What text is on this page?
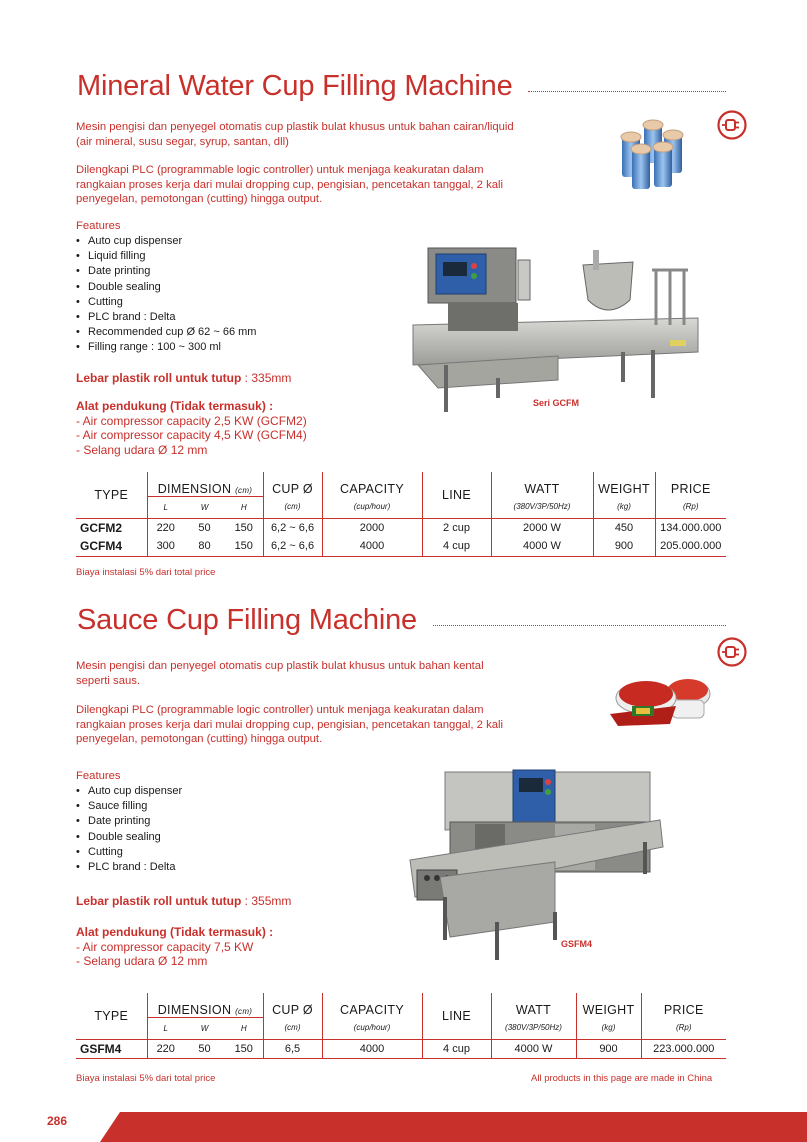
Mineral Water Cup Filling Machine
Mesin pengisi dan penyegel otomatis cup plastik bulat khusus untuk bahan cairan/liquid (air mineral, susu segar, syrup, santan, dll)
Dilengkapi PLC (programmable logic controller) untuk menjaga keakuratan dalam rangkaian proses kerja dari mulai dropping cup, pengisian, pencetakan tanggal, 2 kali penyegelan, pemotongan (cutting) hingga output.
Features
• Auto cup dispenser
• Liquid filling
• Date printing
• Double sealing
• Cutting
• PLC brand : Delta
• Recommended cup Ø 62 ~ 66 mm
• Filling range : 100 ~ 300 ml
Seri GCFM
Lebar plastik roll untuk tutup : 335mm
Alat pendukung (Tidak termasuk) :
- Air compressor capacity 2,5 KW (GCFM2)
- Air compressor capacity 4,5 KW (GCFM4)
- Selang udara Ø 12 mm
TYPE	DIMENSION (cm)			CUP Ø	CAPACITY	LINE	WATT	WEIGHT	PRICE
	L	W	H	(cm)	(cup/hour)		(380V/3P/50Hz)	(kg)	(Rp)
GCFM2	220	50	150	6,2 ~ 6,6	2000	2 cup	2000 W	450	134.000.000
GCFM4	300	80	150	6,2 ~ 6,6	4000	4 cup	4000 W	900	205.000.000
Biaya instalasi 5% dari total price
Sauce Cup Filling Machine
Mesin pengisi dan penyegel otomatis cup plastik bulat khusus untuk bahan kental seperti saus.
Dilengkapi PLC (programmable logic controller) untuk menjaga keakuratan dalam rangkaian proses kerja dari mulai dropping cup, pengisian, pencetakan tanggal, 2 kali penyegelan, pemotongan (cutting) hingga output.
Features
• Auto cup dispenser
• Sauce filling
• Date printing
• Double sealing
• Cutting
• PLC brand : Delta
GSFM4
Lebar plastik roll untuk tutup : 355mm
Alat pendukung (Tidak termasuk) :
- Air compressor capacity 7,5 KW
- Selang udara Ø 12 mm
TYPE	DIMENSION (cm)			CUP Ø	CAPACITY	LINE	WATT	WEIGHT	PRICE
	L	W	H	(cm)	(cup/hour)		(380V/3P/50Hz)	(kg)	(Rp)
GSFM4	220	50	150	6,5	4000	4 cup	4000 W	900	223.000.000
Biaya instalasi 5% dari total price	All products in this page are made in China
286
